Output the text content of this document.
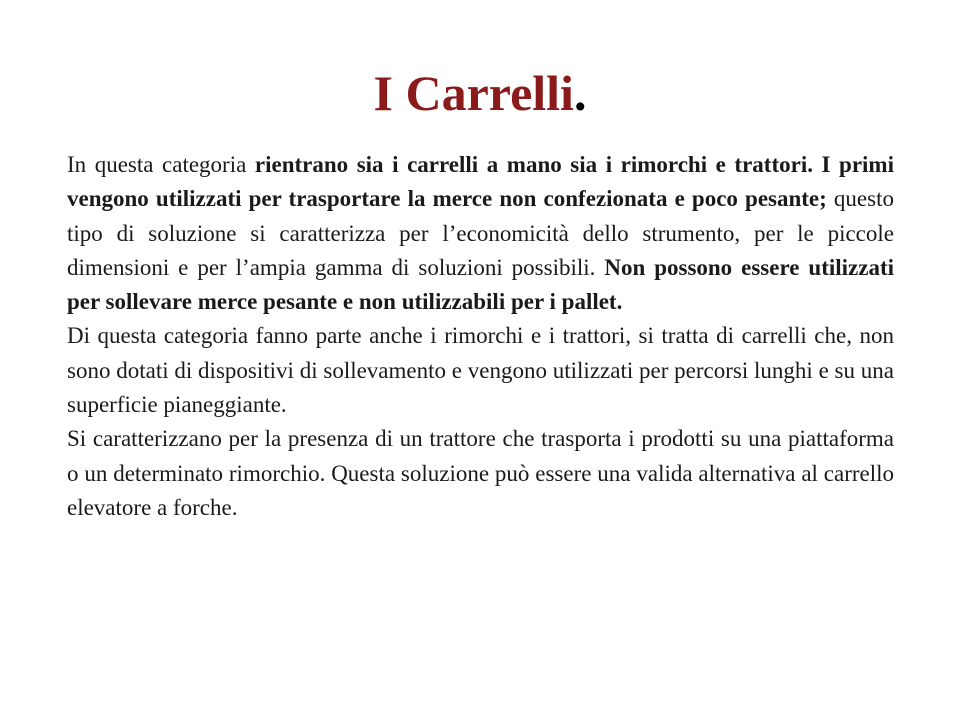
I Carrelli.

In questa categoria rientrano sia i carrelli a mano sia i rimorchi e trattori. I primi vengono utilizzati per trasportare la merce non confezionata e poco pesante; questo tipo di soluzione si caratterizza per l’economicità dello strumento, per le piccole dimensioni e per l’ampia gamma di soluzioni possibili. Non possono essere utilizzati per sollevare merce pesante e non utilizzabili per i pallet.

Di questa categoria fanno parte anche i rimorchi e i trattori, si tratta di carrelli che, non sono dotati di dispositivi di sollevamento e vengono utilizzati per percorsi lunghi e su una superficie pianeggiante.

Si caratterizzano per la presenza di un trattore che trasporta i prodotti su una piattaforma o un determinato rimorchio. Questa soluzione può essere una valida alternativa al carrello elevatore a forche.
